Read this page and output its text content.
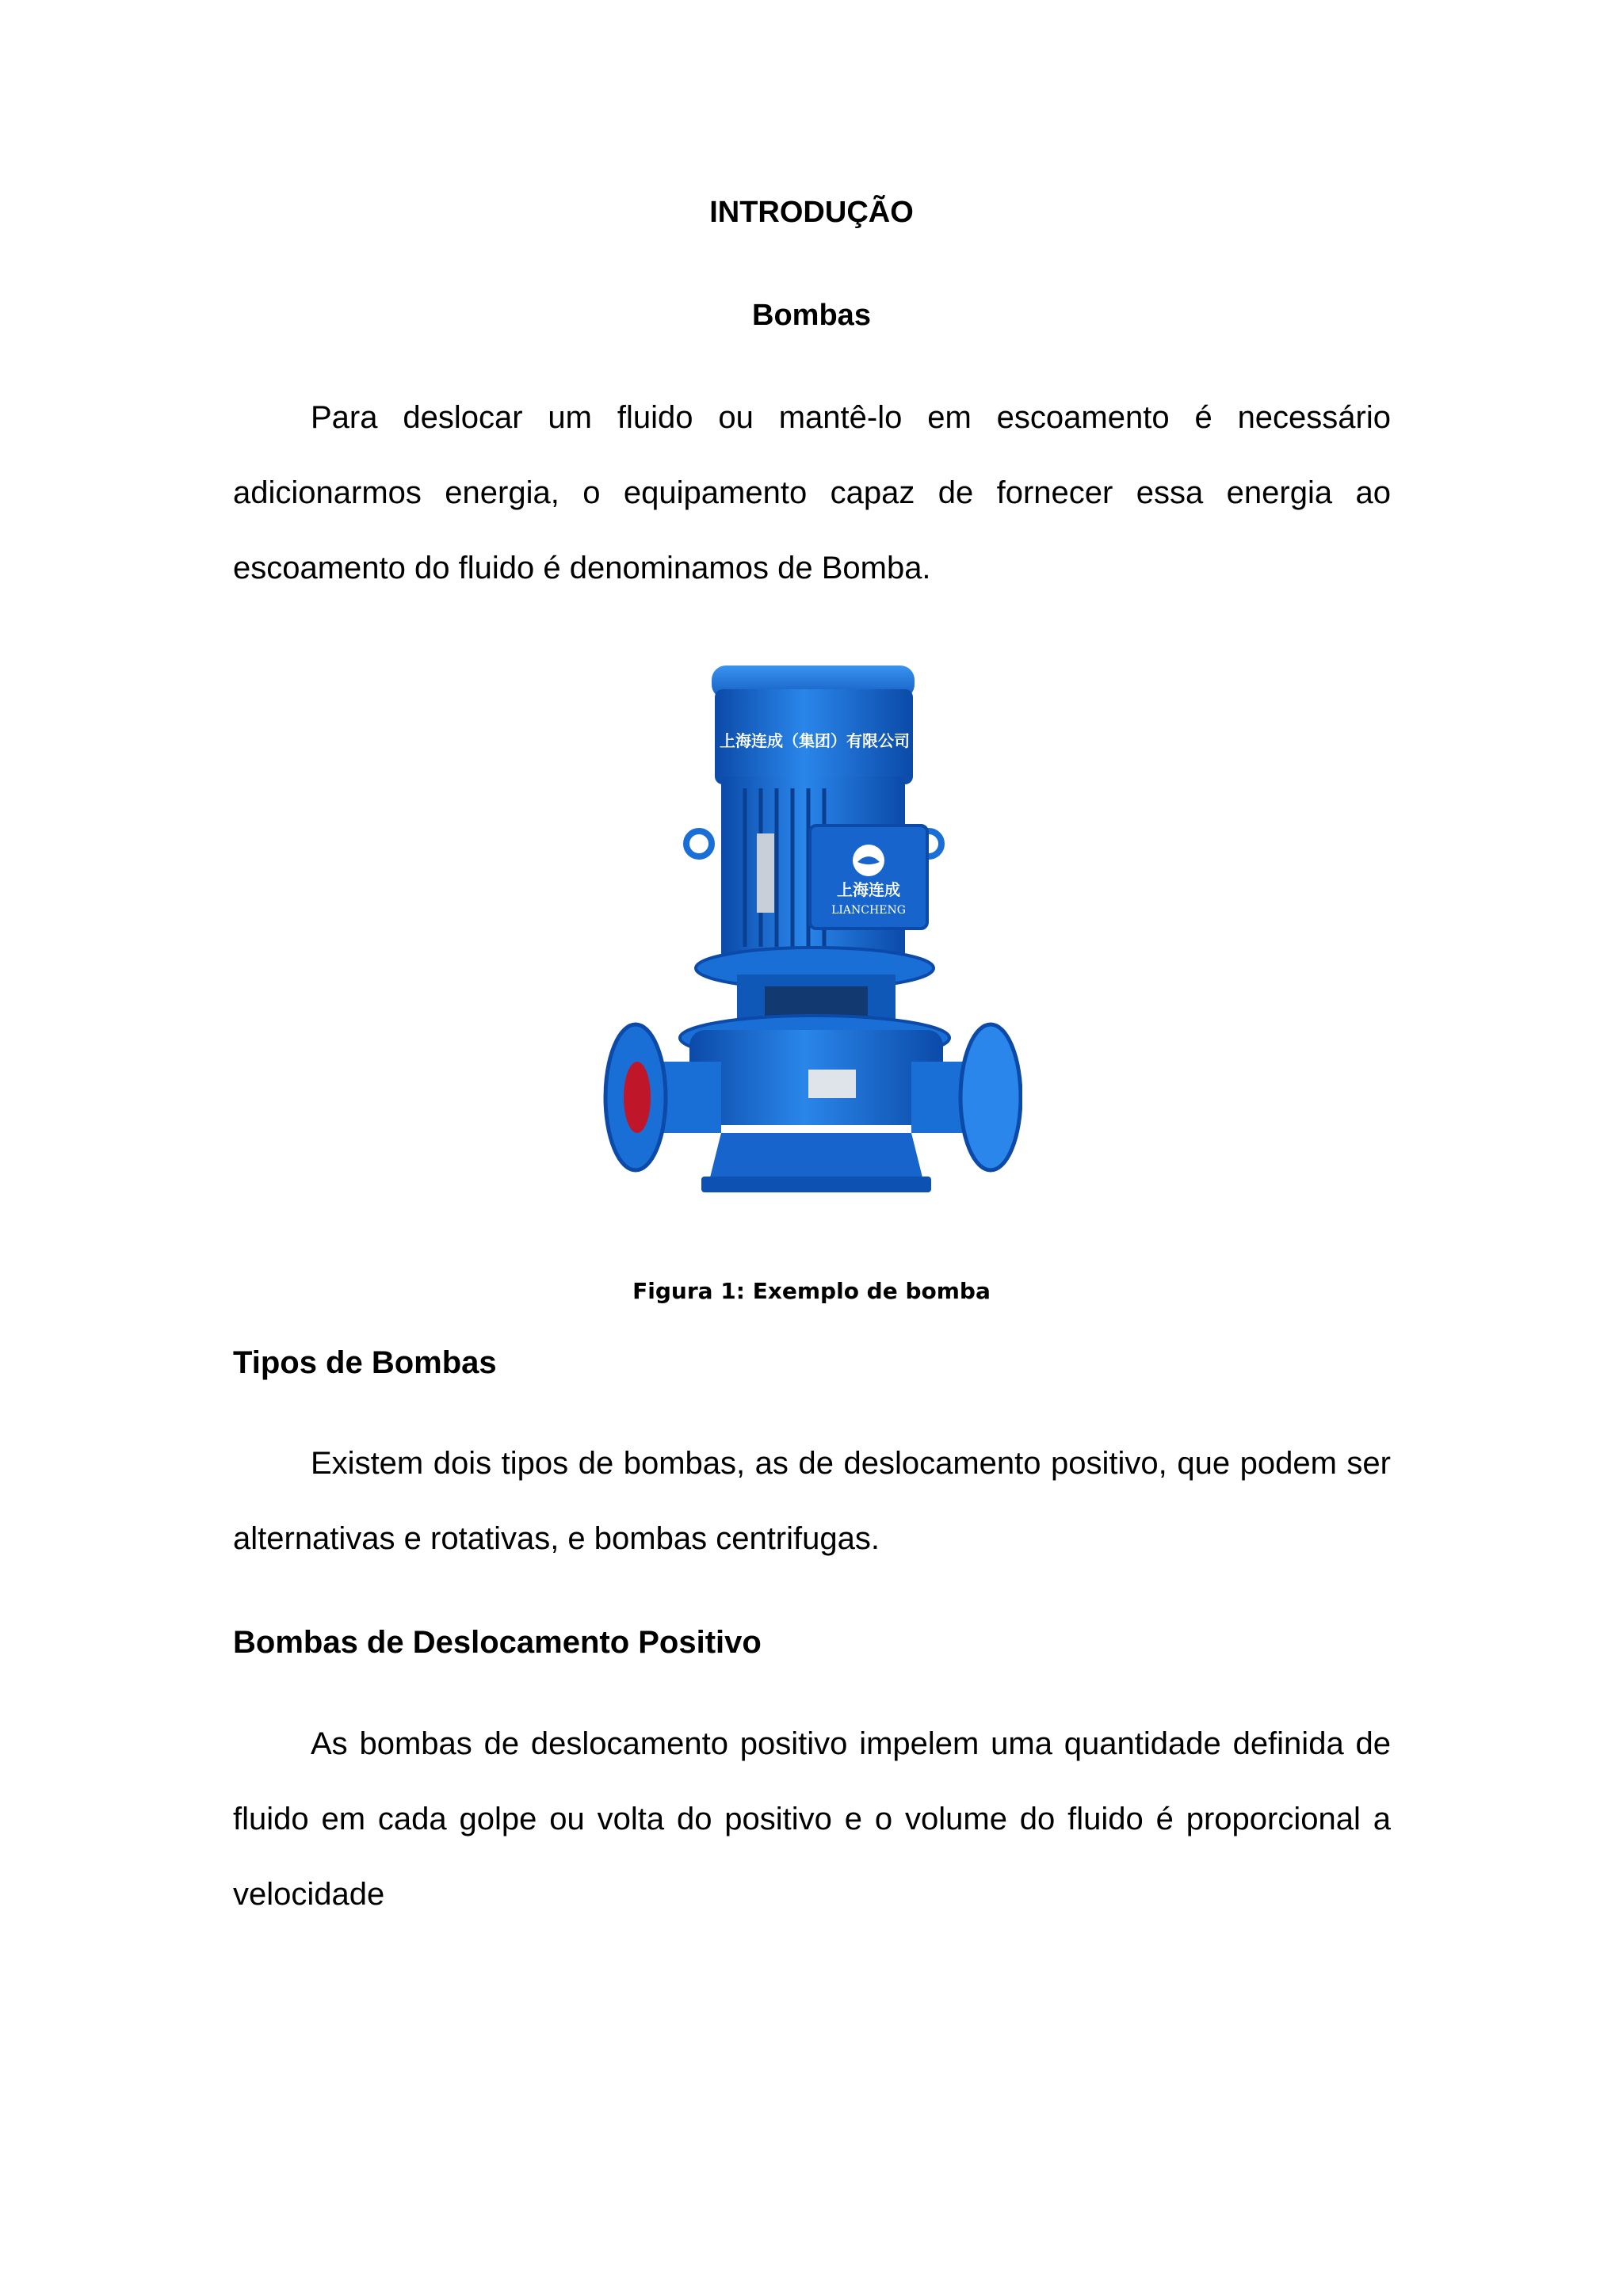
INTRODUÇÃO
Bombas

Para deslocar um fluido ou mantê-lo em escoamento é necessário adicionarmos energia, o equipamento capaz de fornecer essa energia ao escoamento do fluido é denominamos de Bomba.

上海连成（集团）有限公司
上海连成
LIANCHENG
Figura 1: Exemplo de bomba
Tipos de Bombas

Existem dois tipos de bombas, as de deslocamento positivo, que podem ser alternativas e rotativas, e bombas centrifugas.

Bombas de Deslocamento Positivo

As bombas de deslocamento positivo impelem uma quantidade definida de fluido em cada golpe ou volta do positivo e o volume do fluido é proporcional a velocidade
